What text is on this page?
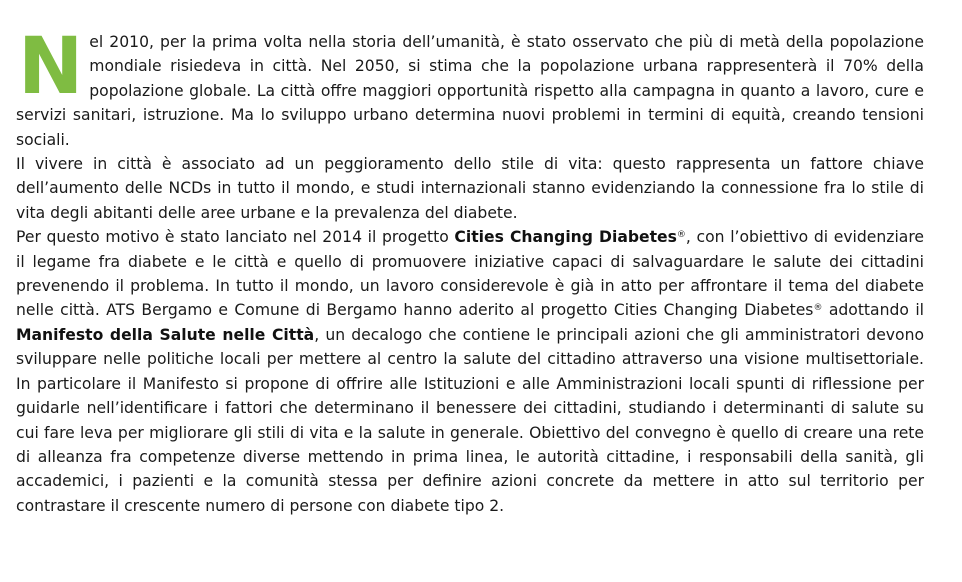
Nel 2010, per la prima volta nella storia dell’umanità, è stato osservato che più di metà della popolazione mondiale risiedeva in città. Nel 2050, si stima che la popolazione urbana rappresenterà il 70% della popolazione globale. La città offre maggiori opportunità rispetto alla campagna in quanto a lavoro, cure e servizi sanitari, istruzione. Ma lo sviluppo urbano determina nuovi problemi in termini di equità, creando tensioni sociali.

Il vivere in città è associato ad un peggioramento dello stile di vita: questo rappresenta un fattore chiave dell’aumento delle NCDs in tutto il mondo, e studi internazionali stanno evidenziando la connessione fra lo stile di vita degli abitanti delle aree urbane e la prevalenza del diabete.

Per questo motivo è stato lanciato nel 2014 il progetto Cities Changing Diabetes®, con l’obiettivo di evidenziare il legame fra diabete e le città e quello di promuovere iniziative capaci di salvaguardare le salute dei cittadini prevenendo il problema. In tutto il mondo, un lavoro considerevole è già in atto per affrontare il tema del diabete nelle città. ATS Bergamo e Comune di Bergamo hanno aderito al progetto Cities Changing Diabetes® adottando il Manifesto della Salute nelle Città, un decalogo che contiene le principali azioni che gli amministratori devono sviluppare nelle politiche locali per mettere al centro la salute del cittadino attraverso una visione multisettoriale. In particolare il Manifesto si propone di offrire alle Istituzioni e alle Amministrazioni locali spunti di riflessione per guidarle nell’identificare i fattori che determinano il benessere dei cittadini, studiando i determinanti di salute su cui fare leva per migliorare gli stili di vita e la salute in generale. Obiettivo del convegno è quello di creare una rete di alleanza fra competenze diverse mettendo in prima linea, le autorità cittadine, i responsabili della sanità, gli accademici, i pazienti e la comunità stessa per definire azioni concrete da mettere in atto sul territorio per contrastare il crescente numero di persone con diabete tipo 2.
